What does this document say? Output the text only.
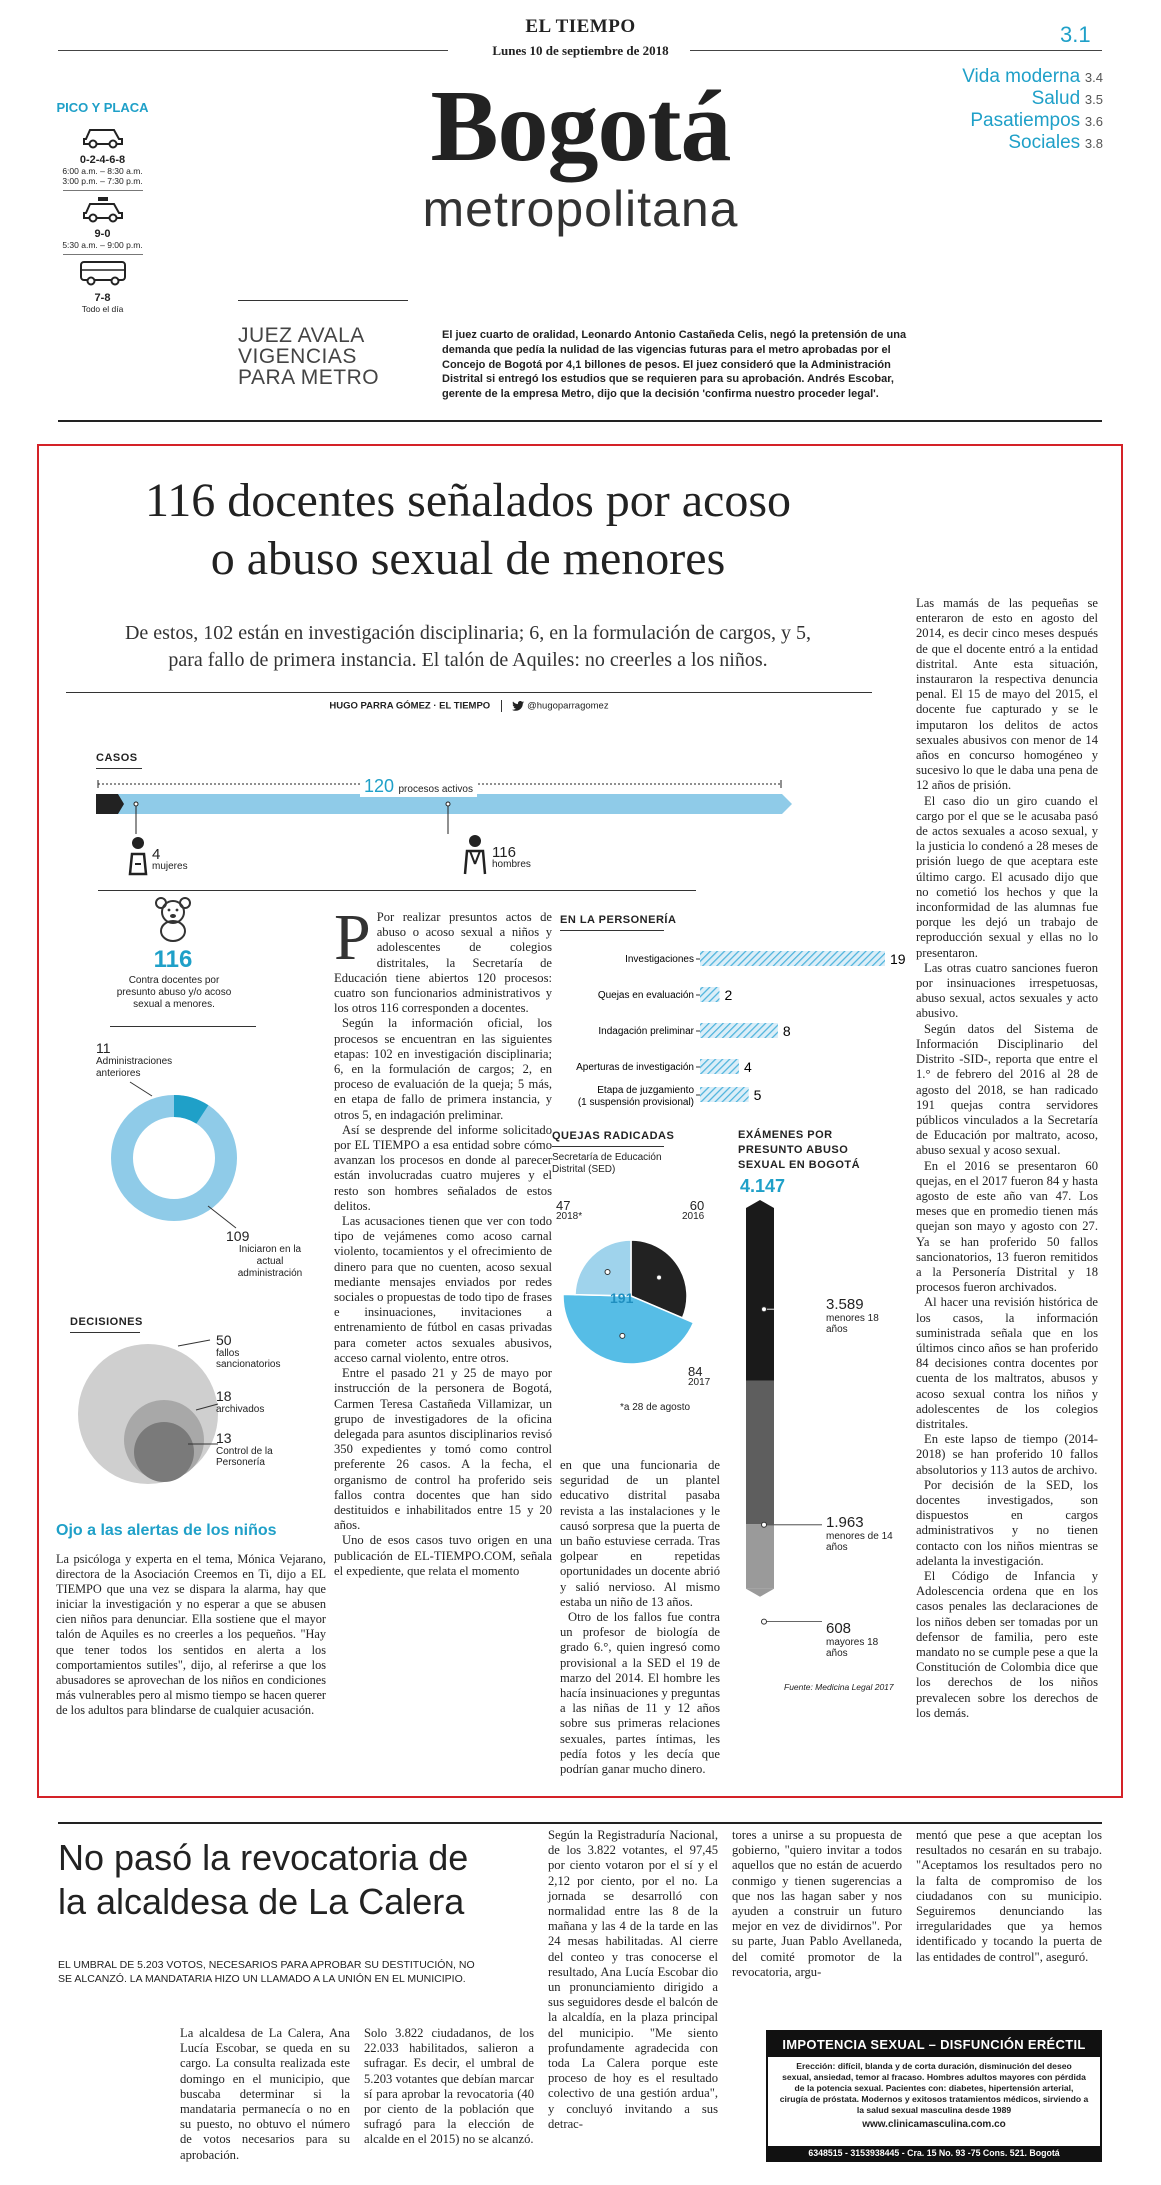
EL TIEMPO
Lunes 10 de septiembre de 2018
3.1
Bogotá
metropolitana
Vida moderna 3.4
Salud 3.5
Pasatiempos 3.6
Sociales 3.8
PICO Y PLACA
0-2-4-6-8
6:00 a.m. – 8:30 a.m.
3:00 p.m. – 7:30 p.m.
9-0
5:30 a.m. – 9:00 p.m.
7-8
Todo el día
JUEZ AVALA
VIGENCIAS
PARA METRO
El juez cuarto de oralidad, Leonardo Antonio Castañeda Celis, negó la pretensión de una demanda que pedía la nulidad de las vigencias futuras para el metro aprobadas por el Concejo de Bogotá por 4,1 billones de pesos. El juez consideró que la Administración Distrital si entregó los estudios que se requieren para su aprobación. Andrés Escobar, gerente de la empresa Metro, dijo que la decisión 'confirma nuestro proceder legal'.
116 docentes señalados por acoso
o abuso sexual de menores
De estos, 102 están en investigación disciplinaria; 6, en la formulación de cargos, y 5,
para fallo de primera instancia. El talón de Aquiles: no creerles a los niños.
HUGO PARRA GÓMEZ · EL TIEMPO	@hugoparragomez
CASOS
120 procesos activos
4
mujeres
116
hombres
116
Contra docentes por presunto abuso y/o acoso sexual a menores.
11
Administraciones anteriores
109
Iniciaron en la actual administración
DECISIONES
50
fallos sancionatorios
18
archivados
13
Control de la Personería
Ojo a las alertas de los niños
La psicóloga y experta en el tema, Mónica Vejarano, directora de la Asociación Creemos en Ti, dijo a EL TIEMPO que una vez se dispara la alarma, hay que iniciar la investigación y no esperar a que se abusen cien niños para denunciar. Ella sostiene que el mayor talón de Aquiles es no creerles a los pequeños. "Hay que tener todos los sentidos en alerta a los comportamientos sutiles", dijo, al referirse a que los abusadores se aprovechan de los niños en condiciones más vulnerables pero al mismo tiempo se hacen querer de los adultos para blindarse de cualquier acusación.

P Por realizar presuntos actos de abuso o acoso sexual a niños y adolescentes de colegios distritales, la Secretaría de Educación tiene abiertos 120 procesos: cuatro son funcionarios administrativos y los otros 116 corresponden a docentes.

Según la información oficial, los procesos se encuentran en las siguientes etapas: 102 en investigación disciplinaria; 6, en la formulación de cargos; 2, en proceso de evaluación de la queja; 5 más, en etapa de fallo de primera instancia, y otros 5, en indagación preliminar.

Así se desprende del informe solicitado por EL TIEMPO a esa entidad sobre cómo avanzan los procesos en donde al parecer están involucradas cuatro mujeres y el resto son hombres señalados de estos delitos.

Las acusaciones tienen que ver con todo tipo de vejámenes como acoso carnal violento, tocamientos y el ofrecimiento de dinero para que no cuenten, acoso sexual mediante mensajes enviados por redes sociales o propuestas de todo tipo de frases e insinuaciones, invitaciones a entrenamiento de fútbol en casas privadas para cometer actos sexuales abusivos, acceso carnal violento, entre otros.

Entre el pasado 21 y 25 de mayo por instrucción de la personera de Bogotá, Carmen Teresa Castañeda Villamizar, un grupo de investigadores de la oficina delegada para asuntos disciplinarios revisó 350 expedientes y tomó como control preferente 26 casos. A la fecha, el organismo de control ha proferido seis fallos contra docentes que han sido destituidos e inhabilitados entre 15 y 20 años.

Uno de esos casos tuvo origen en una publicación de EL-TIEMPO.COM, señala el expediente, que relata el momento

en que una funcionaria de seguridad de un plantel educativo distrital pasaba revista a las instalaciones y le causó sorpresa que la puerta de un baño estuviese cerrada. Tras golpear en repetidas oportunidades un docente abrió y salió nervioso. Al mismo estaba un niño de 13 años.

Otro de los fallos fue contra un profesor de biología de grado 6.°, quien ingresó como provisional a la SED el 19 de marzo del 2014. El hombre les hacía insinuaciones y preguntas a las niñas de 11 y 12 años sobre sus primeras relaciones sexuales, partes íntimas, les pedía fotos y les decía que podrían ganar mucho dinero.

Las mamás de las pequeñas se enteraron de esto en agosto del 2014, es decir cinco meses después de que el docente entró a la entidad distrital. Ante esta situación, instauraron la respectiva denuncia penal. El 15 de mayo del 2015, el docente fue capturado y se le imputaron los delitos de actos sexuales abusivos con menor de 14 años en concurso homogéneo y sucesivo lo que le daba una pena de 12 años de prisión.

El caso dio un giro cuando el cargo por el que se le acusaba pasó de actos sexuales a acoso sexual, y la justicia lo condenó a 28 meses de prisión luego de que aceptara este último cargo. El acusado dijo que no cometió los hechos y que la inconformidad de las alumnas fue porque les dejó un trabajo de reproducción sexual y ellas no lo presentaron.

Las otras cuatro sanciones fueron por insinuaciones irrespetuosas, abuso sexual, actos sexuales y acto abusivo.

Según datos del Sistema de Información Disciplinario del Distrito -SID-, reporta que entre el 1.° de febrero del 2016 al 28 de agosto del 2018, se han radicado 191 quejas contra servidores públicos vinculados a la Secretaría de Educación por maltrato, acoso, abuso sexual y acoso sexual.

En el 2016 se presentaron 60 quejas, en el 2017 fueron 84 y hasta agosto de este año van 47. Los meses que en promedio tienen más quejan son mayo y agosto con 27. Ya se han proferido 50 fallos sancionatorios, 13 fueron remitidos a la Personería Distrital y 18 procesos fueron archivados.

Al hacer una revisión histórica de los casos, la información suministrada señala que en los últimos cinco años se han proferido 84 decisiones contra docentes por cuenta de los maltratos, abusos y acoso sexual contra los niños y adolescentes de los colegios distritales.

En este lapso de tiempo (2014-2018) se han proferido 10 fallos absolutorios y 113 autos de archivo.

Por decisión de la SED, los docentes investigados, son dispuestos en cargos administrativos y no tienen contacto con los niños mientras se adelanta la investigación.

El Código de Infancia y Adolescencia ordena que en los casos penales las declaraciones de los niños deben ser tomadas por un defensor de familia, pero este mandato no se cumple pese a que la Constitución de Colombia dice que los derechos de los niños prevalecen sobre los derechos de los demás.

EN LA PERSONERÍA
Investigaciones	19
Quejas en evaluación 2
Indagación preliminar	8
Aperturas de investigación	4
Etapa de juzgamiento
(1 suspensión provisional)	5
QUEJAS RADICADAS
Secretaría de Educación Distrital (SED)
47
2018*
60
2016
84
2017
191
*a 28 de agosto
EXÁMENES POR PRESUNTO ABUSO SEXUAL EN BOGOTÁ
4.147
3.589
menores 18 años
1.963
menores de 14 años
608
mayores 18 años
Fuente: Medicina Legal 2017
No pasó la revocatoria de
la alcaldesa de La Calera
EL UMBRAL DE 5.203 VOTOS, NECESARIOS PARA APROBAR SU DESTITUCIÓN, NO
SE ALCANZÓ. LA MANDATARIA HIZO UN LLAMADO A LA UNIÓN EN EL MUNICIPIO.

La alcaldesa de La Calera, Ana Lucía Escobar, se queda en su cargo. La consulta realizada este domingo en el municipio, que buscaba determinar si la mandataria permanecía o no en su puesto, no obtuvo el número de votos necesarios para su aprobación.

Solo 3.822 ciudadanos, de los 22.033 habilitados, salieron a sufragar. Es decir, el umbral de 5.203 votantes que debían marcar sí para aprobar la revocatoria (40 por ciento de la población que sufragó para la elección de alcalde en el 2015) no se alcanzó.

Según la Registraduría Nacional, de los 3.822 votantes, el 97,45 por ciento votaron por el sí y el 2,12 por ciento, por el no. La jornada se desarrolló con normalidad entre las 8 de la mañana y las 4 de la tarde en las 24 mesas habilitadas. Al cierre del conteo y tras conocerse el resultado, Ana Lucía Escobar dio un pronunciamiento dirigido a sus seguidores desde el balcón de la alcaldía, en la plaza principal del municipio. "Me siento profundamente agradecida con toda La Calera porque este proceso de hoy es el resultado colectivo de una gestión ardua", y concluyó invitando a sus detrac-

tores a unirse a su propuesta de gobierno, "quiero invitar a todos aquellos que no están de acuerdo conmigo y tienen sugerencias a que nos las hagan saber y nos ayuden a construir un futuro mejor en vez de dividirnos". Por su parte, Juan Pablo Avellaneda, del comité promotor de la revocatoria, argu-

mentó que pese a que aceptan los resultados no cesarán en su trabajo. "Aceptamos los resultados pero no la falta de compromiso de los ciudadanos con su municipio. Seguiremos denunciando las irregularidades que ya hemos identificado y tocando la puerta de las entidades de control", aseguró.

IMPOTENCIA SEXUAL – DISFUNCIÓN ERÉCTIL
Erección: difícil, blanda y de corta duración, disminución del deseo
sexual, ansiedad, temor al fracaso. Hombres adultos mayores con pérdida
de la potencia sexual. Pacientes con: diabetes, hipertensión arterial,
cirugía de próstata. Modernos y exitosos tratamientos médicos, sirviendo a
la salud sexual masculina desde 1989
www.clinicamasculina.com.co
6348515 - 3153938445 - Cra. 15 No. 93 -75 Cons. 521. Bogotá
